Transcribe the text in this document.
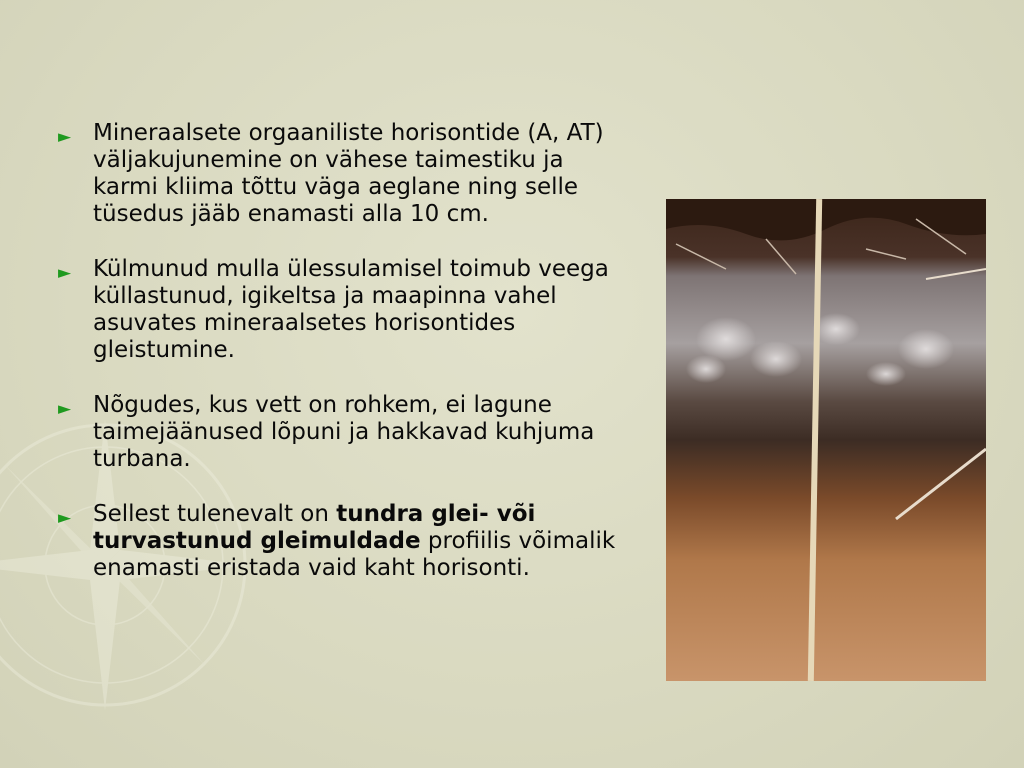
► Mineraalsete orgaaniliste horisontide (A, AT) väljakujunemine on vähese taimestiku ja karmi kliima tõttu väga aeglane ning selle tüsedus jääb enamasti alla 10 cm.
► Külmunud mulla ülessulamisel toimub veega küllastunud, igikeltsa ja maapinna vahel asuvates mineraalsetes horisontides gleistumine.
► Nõgudes, kus vett on rohkem, ei lagune taimejäänused lõpuni ja hakkavad kuhjuma turbana.
► Sellest tulenevalt on tundra glei- või turvastunud gleimuldade profiilis võimalik enamasti eristada vaid kaht horisonti.
